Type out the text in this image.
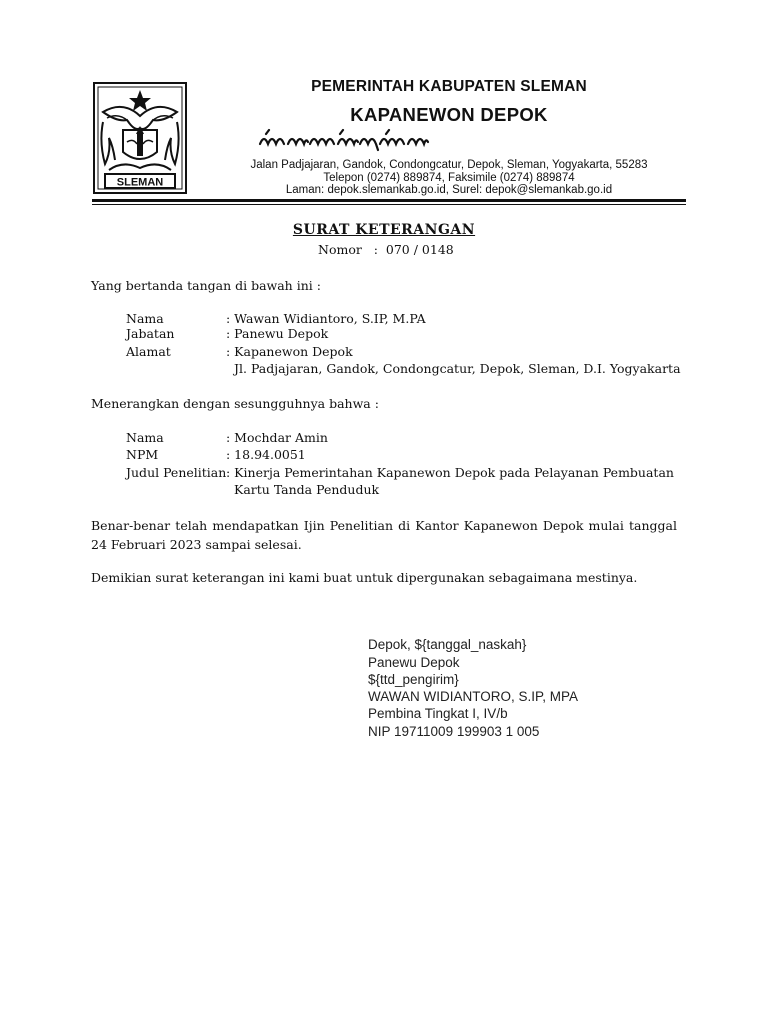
SLEMAN
PEMERINTAH KABUPATEN SLEMAN
KAPANEWON DEPOK
Jalan Padjajaran, Gandok, Condongcatur, Depok, Sleman, Yogyakarta, 55283
Telepon (0274) 889874, Faksimile (0274) 889874
Laman: depok.slemankab.go.id, Surel: depok@slemankab.go.id
SURAT KETERANGAN
Nomor   :  070 / 0148
Yang bertanda tangan di bawah ini :
Nama	: Wawan Widiantoro, S.IP, M.PA
Jabatan	: Panewu Depok
Alamat	: Kapanewon Depok
Jl. Padjajaran, Gandok, Condongcatur, Depok, Sleman, D.I. Yogyakarta
Menerangkan dengan sesungguhnya bahwa :
Nama	: Mochdar Amin
NPM	: 18.94.0051
Judul Penelitian : Kinerja Pemerintahan Kapanewon Depok pada Pelayanan Pembuatan
Kartu Tanda Penduduk
Benar-benar telah mendapatkan Ijin Penelitian di Kantor Kapanewon Depok mulai tanggal 24 Februari 2023 sampai selesai.
Demikian surat keterangan ini kami buat untuk dipergunakan sebagaimana mestinya.
Depok, ${tanggal_naskah}
Panewu Depok
${ttd_pengirim}
WAWAN WIDIANTORO, S.IP, MPA
Pembina Tingkat I, IV/b
NIP 19711009 199903 1 005
